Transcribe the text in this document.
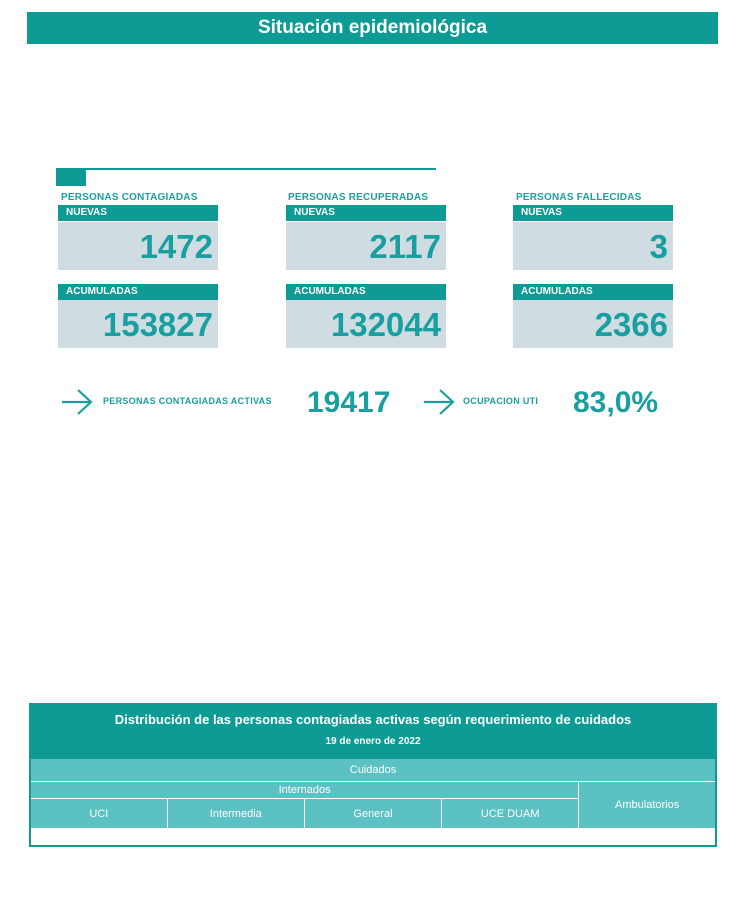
Situación epidemiológica
PERSONAS CONTAGIADAS
NUEVAS
1472
ACUMULADAS
153827
PERSONAS RECUPERADAS
NUEVAS
2117
ACUMULADAS
132044
PERSONAS FALLECIDAS
NUEVAS
3
ACUMULADAS
2366
PERSONAS CONTAGIADAS ACTIVAS 19417	OCUPACION UTI 83,0%
Distribución de las personas contagiadas activas según requerimiento de cuidados
19 de enero de 2022
Cuidados				
Internados				Ambulatorios
UCI	Intermedia	General	UCE DUAM	
56	10	117	0	19234
